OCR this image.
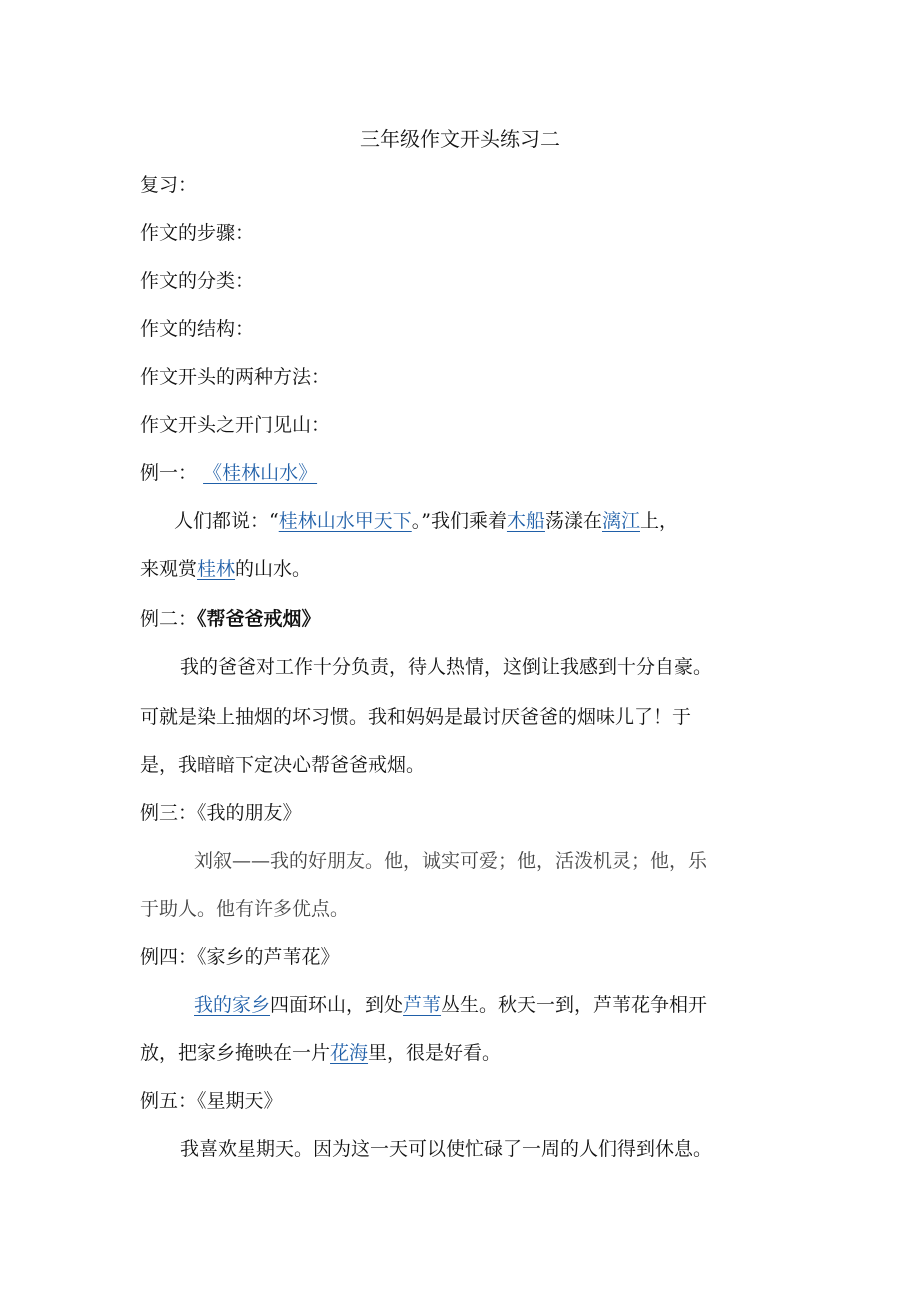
三年级作文开头练习二
复习：
作文的步骤：
作文的分类：
作文的结构：
作文开头的两种方法：
作文开头之开门见山：
例一： 《桂林山水》
人们都说：“桂林山水甲天下。”我们乘着木船荡漾在漓江上，
来观赏桂林的山水。
例二：《帮爸爸戒烟》
我的爸爸对工作十分负责，待人热情，这倒让我感到十分自豪。
可就是染上抽烟的坏习惯。我和妈妈是最讨厌爸爸的烟味儿了！于
是，我暗暗下定决心帮爸爸戒烟。
例三：《我的朋友》
刘叙——我的好朋友。他，诚实可爱；他，活泼机灵；他，乐
于助人。他有许多优点。
例四：《家乡的芦苇花》
我的家乡四面环山，到处芦苇丛生。秋天一到，芦苇花争相开
放，把家乡掩映在一片花海里，很是好看。
例五：《星期天》
我喜欢星期天。因为这一天可以使忙碌了一周的人们得到休息。
